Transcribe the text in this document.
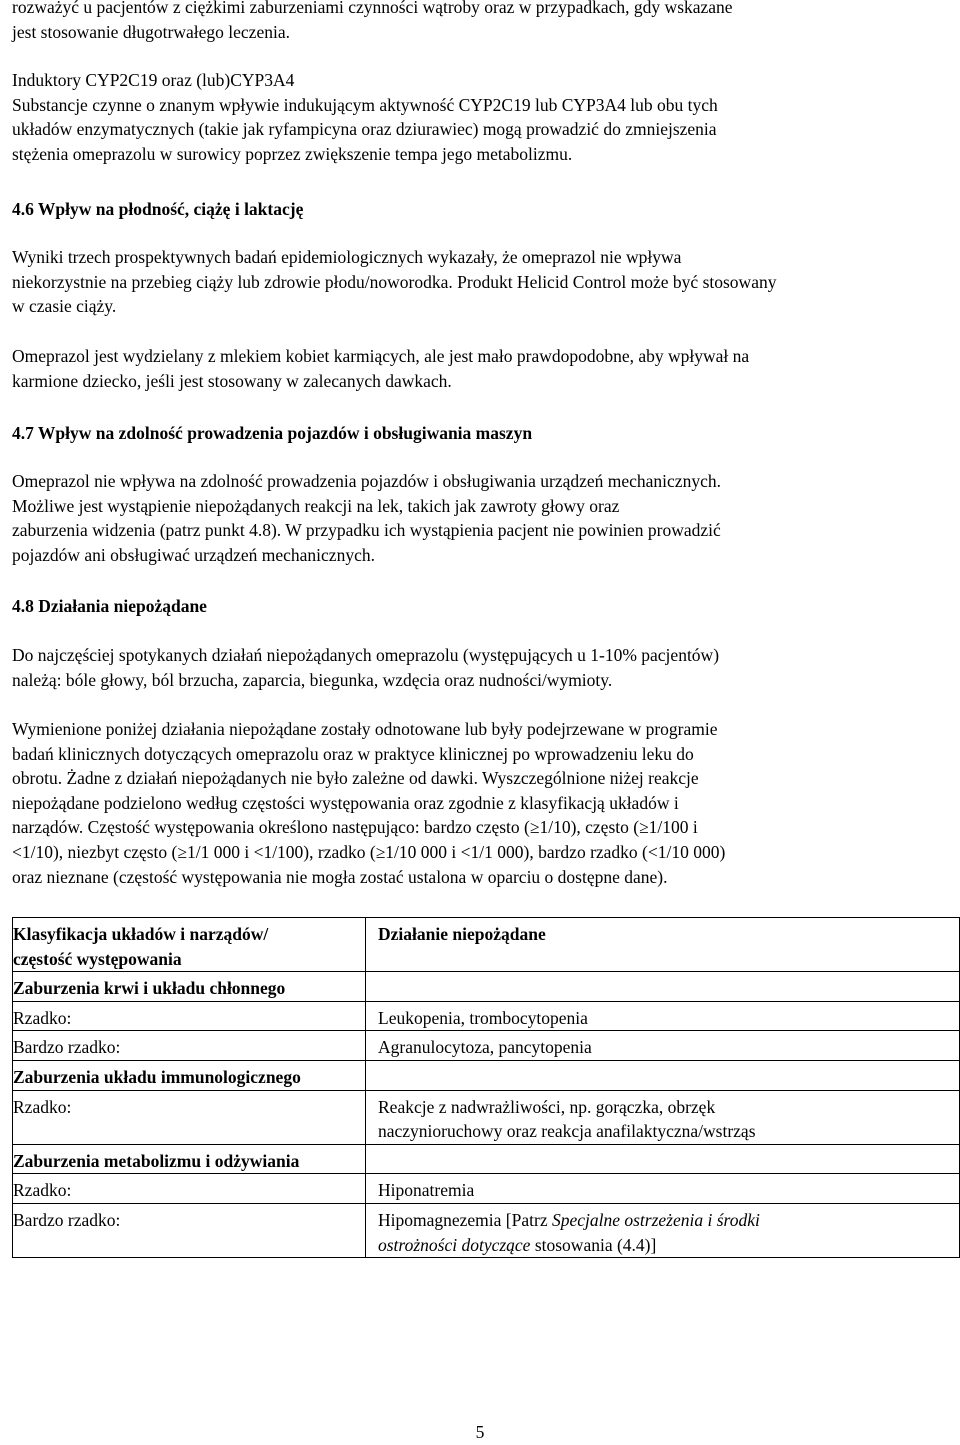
rozważyć u pacjentów z ciężkimi zaburzeniami czynności wątroby oraz w przypadkach, gdy wskazane

jest stosowanie długotrwałego leczenia.

Induktory CYP2C19 oraz (lub)CYP3A4

Substancje czynne o znanym wpływie indukującym aktywność CYP2C19 lub CYP3A4 lub obu tych

układów enzymatycznych (takie jak ryfampicyna oraz dziurawiec) mogą prowadzić do zmniejszenia

stężenia omeprazolu w surowicy poprzez zwiększenie tempa jego metabolizmu.

4.6 Wpływ na płodność, ciążę i laktację

Wyniki trzech prospektywnych badań epidemiologicznych wykazały, że omeprazol nie wpływa

niekorzystnie na przebieg ciąży lub zdrowie płodu/noworodka. Produkt Helicid Control może być stosowany

w czasie ciąży.

Omeprazol jest wydzielany z mlekiem kobiet karmiących, ale jest mało prawdopodobne, aby wpływał na

karmione dziecko, jeśli jest stosowany w zalecanych dawkach.

4.7 Wpływ na zdolność prowadzenia pojazdów i obsługiwania maszyn

Omeprazol nie wpływa na zdolność prowadzenia pojazdów i obsługiwania urządzeń mechanicznych.

Możliwe jest wystąpienie niepożądanych reakcji na lek, takich jak zawroty głowy oraz

zaburzenia widzenia (patrz punkt 4.8). W przypadku ich wystąpienia pacjent nie powinien prowadzić

pojazdów ani obsługiwać urządzeń mechanicznych.

4.8 Działania niepożądane

Do najczęściej spotykanych działań niepożądanych omeprazolu (występujących u 1-10% pacjentów)

należą: bóle głowy, ból brzucha, zaparcia, biegunka, wzdęcia oraz nudności/wymioty.

Wymienione poniżej działania niepożądane zostały odnotowane lub były podejrzewane w programie

badań klinicznych dotyczących omeprazolu oraz w praktyce klinicznej po wprowadzeniu leku do

obrotu. Żadne z działań niepożądanych nie było zależne od dawki. Wyszczególnione niżej reakcje

niepożądane podzielono według częstości występowania oraz zgodnie z klasyfikacją układów i

narządów. Częstość występowania określono następująco: bardzo często (≥1/10), często (≥1/100 i

<1/10), niezbyt często (≥1/1 000 i <1/100), rzadko (≥1/10 000 i <1/1 000), bardzo rzadko (<1/10 000)

oraz nieznane (częstość występowania nie mogła zostać ustalona w oparciu o dostępne dane).

Klasyfikacja układów i narządów/
częstość występowania	Działanie niepożądane

Zaburzenia krwi i układu chłonnego	
Rzadko:	Leukopenia, trombocytopenia
Bardzo rzadko:	Agranulocytoza, pancytopenia
Zaburzenia układu immunologicznego	
Rzadko:	Reakcje z nadwrażliwości, np. gorączka, obrzęk
naczynioruchowy oraz reakcja anafilaktyczna/wstrząs

Zaburzenia metabolizmu i odżywiania	
Rzadko:	Hiponatremia
Bardzo rzadko:	Hipomagnezemia [Patrz Specjalne ostrzeżenia i środki
ostrożności dotyczące stosowania (4.4)]
5
